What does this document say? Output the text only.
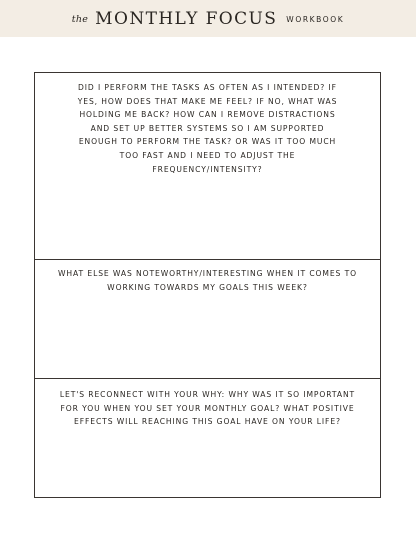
the MONTHLY FOCUS WORKBOOK
DID I PERFORM THE TASKS AS OFTEN AS I INTENDED? IF YES, HOW DOES THAT MAKE ME FEEL? IF NO, WHAT WAS HOLDING ME BACK? HOW CAN I REMOVE DISTRACTIONS AND SET UP BETTER SYSTEMS SO I AM SUPPORTED ENOUGH TO PERFORM THE TASK? OR WAS IT TOO MUCH TOO FAST AND I NEED TO ADJUST THE FREQUENCY/INTENSITY?
WHAT ELSE WAS NOTEWORTHY/INTERESTING WHEN IT COMES TO WORKING TOWARDS MY GOALS THIS WEEK?
LET'S RECONNECT WITH YOUR WHY: WHY WAS IT SO IMPORTANT FOR YOU WHEN YOU SET YOUR MONTHLY GOAL? WHAT POSITIVE EFFECTS WILL REACHING THIS GOAL HAVE ON YOUR LIFE?
